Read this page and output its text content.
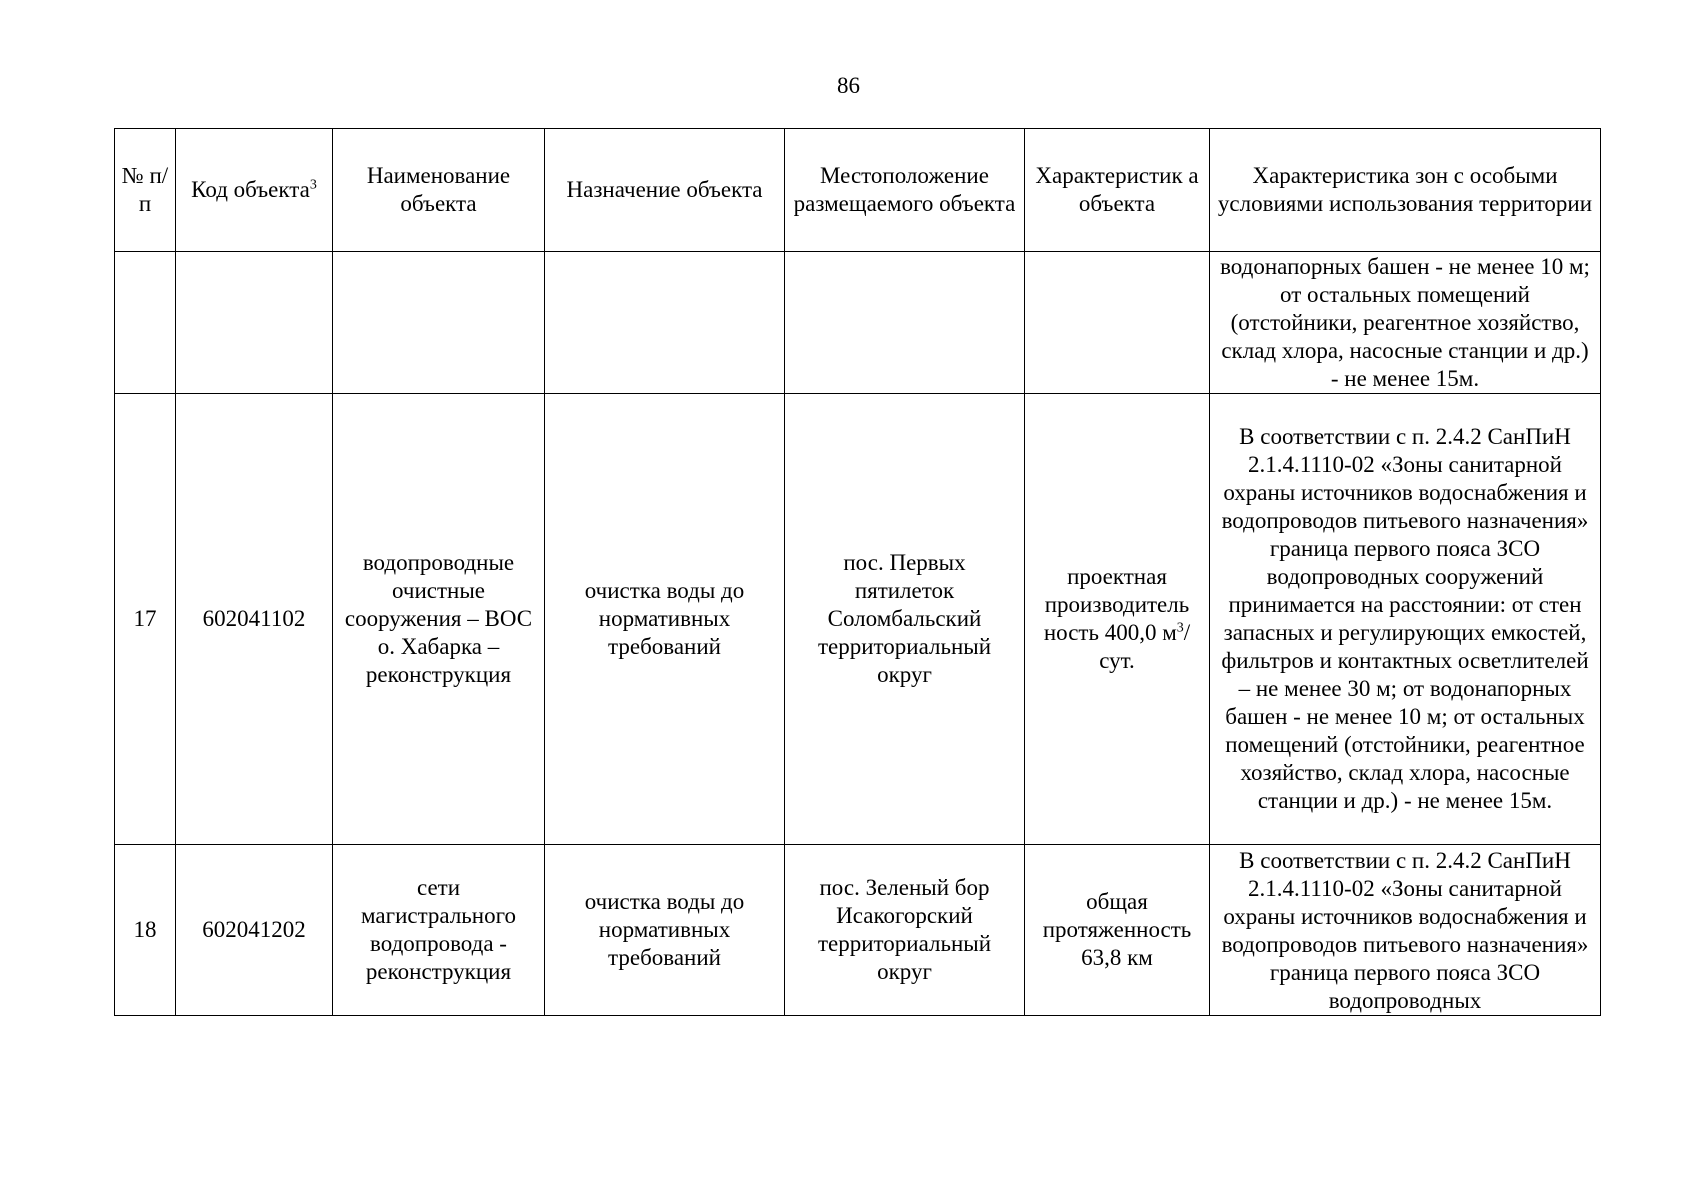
86
№ п/п	Код объекта$^3$	Наименование объекта	Назначение объекта	Местоположение размещаемого объекта	Характеристик а объекта	Характеристика зон с особыми условиями использования территории
						водонапорных башен - не менее 10 м; от остальных помещений (отстойники, реагентное хозяйство, склад хлора, насосные станции и др.) - не менее 15м.
17	602041102	водопроводные очистные сооружения – ВОС о. Хабарка – реконструкция	очистка воды до нормативных требований	пос. Первых пятилеток Соломбальский территориальный округ	проектная производитель ность 400,0 $м^3$/сут.	В соответствии с п. 2.4.2 СанПиН 2.1.4.1110-02 «Зоны санитарной охраны источников водоснабжения и водопроводов питьевого назначения» граница первого пояса ЗСО водопроводных сооружений принимается на расстоянии: от стен запасных и регулирующих емкостей, фильтров и контактных осветлителей – не менее 30 м; от водонапорных башен - не менее 10 м; от остальных помещений (отстойники, реагентное хозяйство, склад хлора, насосные станции и др.) - не менее 15м.
18	602041202	сети магистрального водопровода - реконструкция	очистка воды до нормативных требований	пос. Зеленый бор Исакогорский территориальный округ	общая протяженность 63,8 км	В соответствии с п. 2.4.2 СанПиН 2.1.4.1110-02 «Зоны санитарной охраны источников водоснабжения и водопроводов питьевого назначения» граница первого пояса ЗСО водопроводных
